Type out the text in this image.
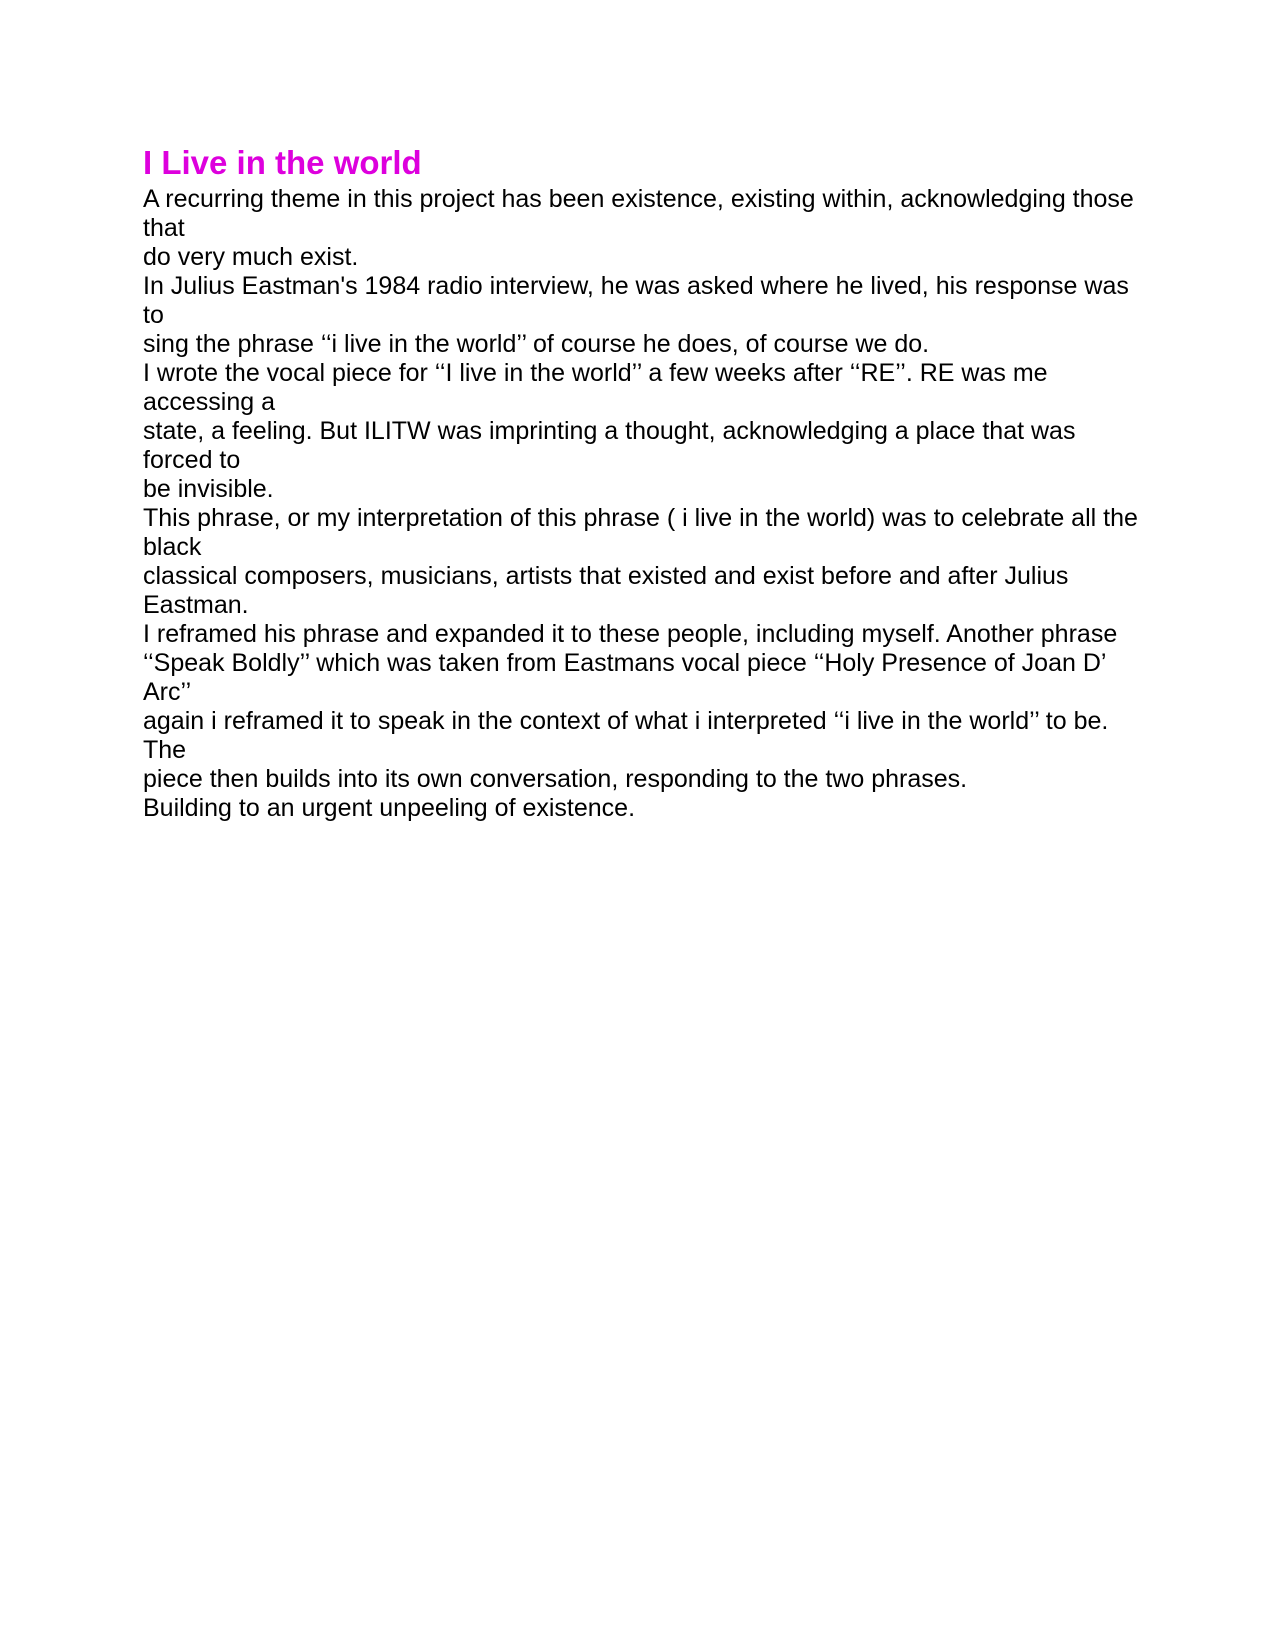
I Live in the world
A recurring theme in this project has been existence, existing within, acknowledging those that
do very much exist.
In Julius Eastman's 1984 radio interview, he was asked where he lived, his response was to
sing the phrase ‘‘i live in the world’’ of course he does, of course we do.
I wrote the vocal piece for ‘‘I live in the world’’ a few weeks after ‘‘RE’’. RE was me accessing a
state, a feeling. But ILITW was imprinting a thought, acknowledging a place that was forced to
be invisible.
This phrase, or my interpretation of this phrase ( i live in the world) was to celebrate all the black
classical composers, musicians, artists that existed and exist before and after Julius Eastman.
I reframed his phrase and expanded it to these people, including myself. Another phrase
‘‘Speak Boldly’’ which was taken from Eastmans vocal piece ‘‘Holy Presence of Joan D’ Arc’’
again i reframed it to speak in the context of what i interpreted ‘‘i live in the world’’ to be. The
piece then builds into its own conversation, responding to the two phrases.
Building to an urgent unpeeling of existence.
